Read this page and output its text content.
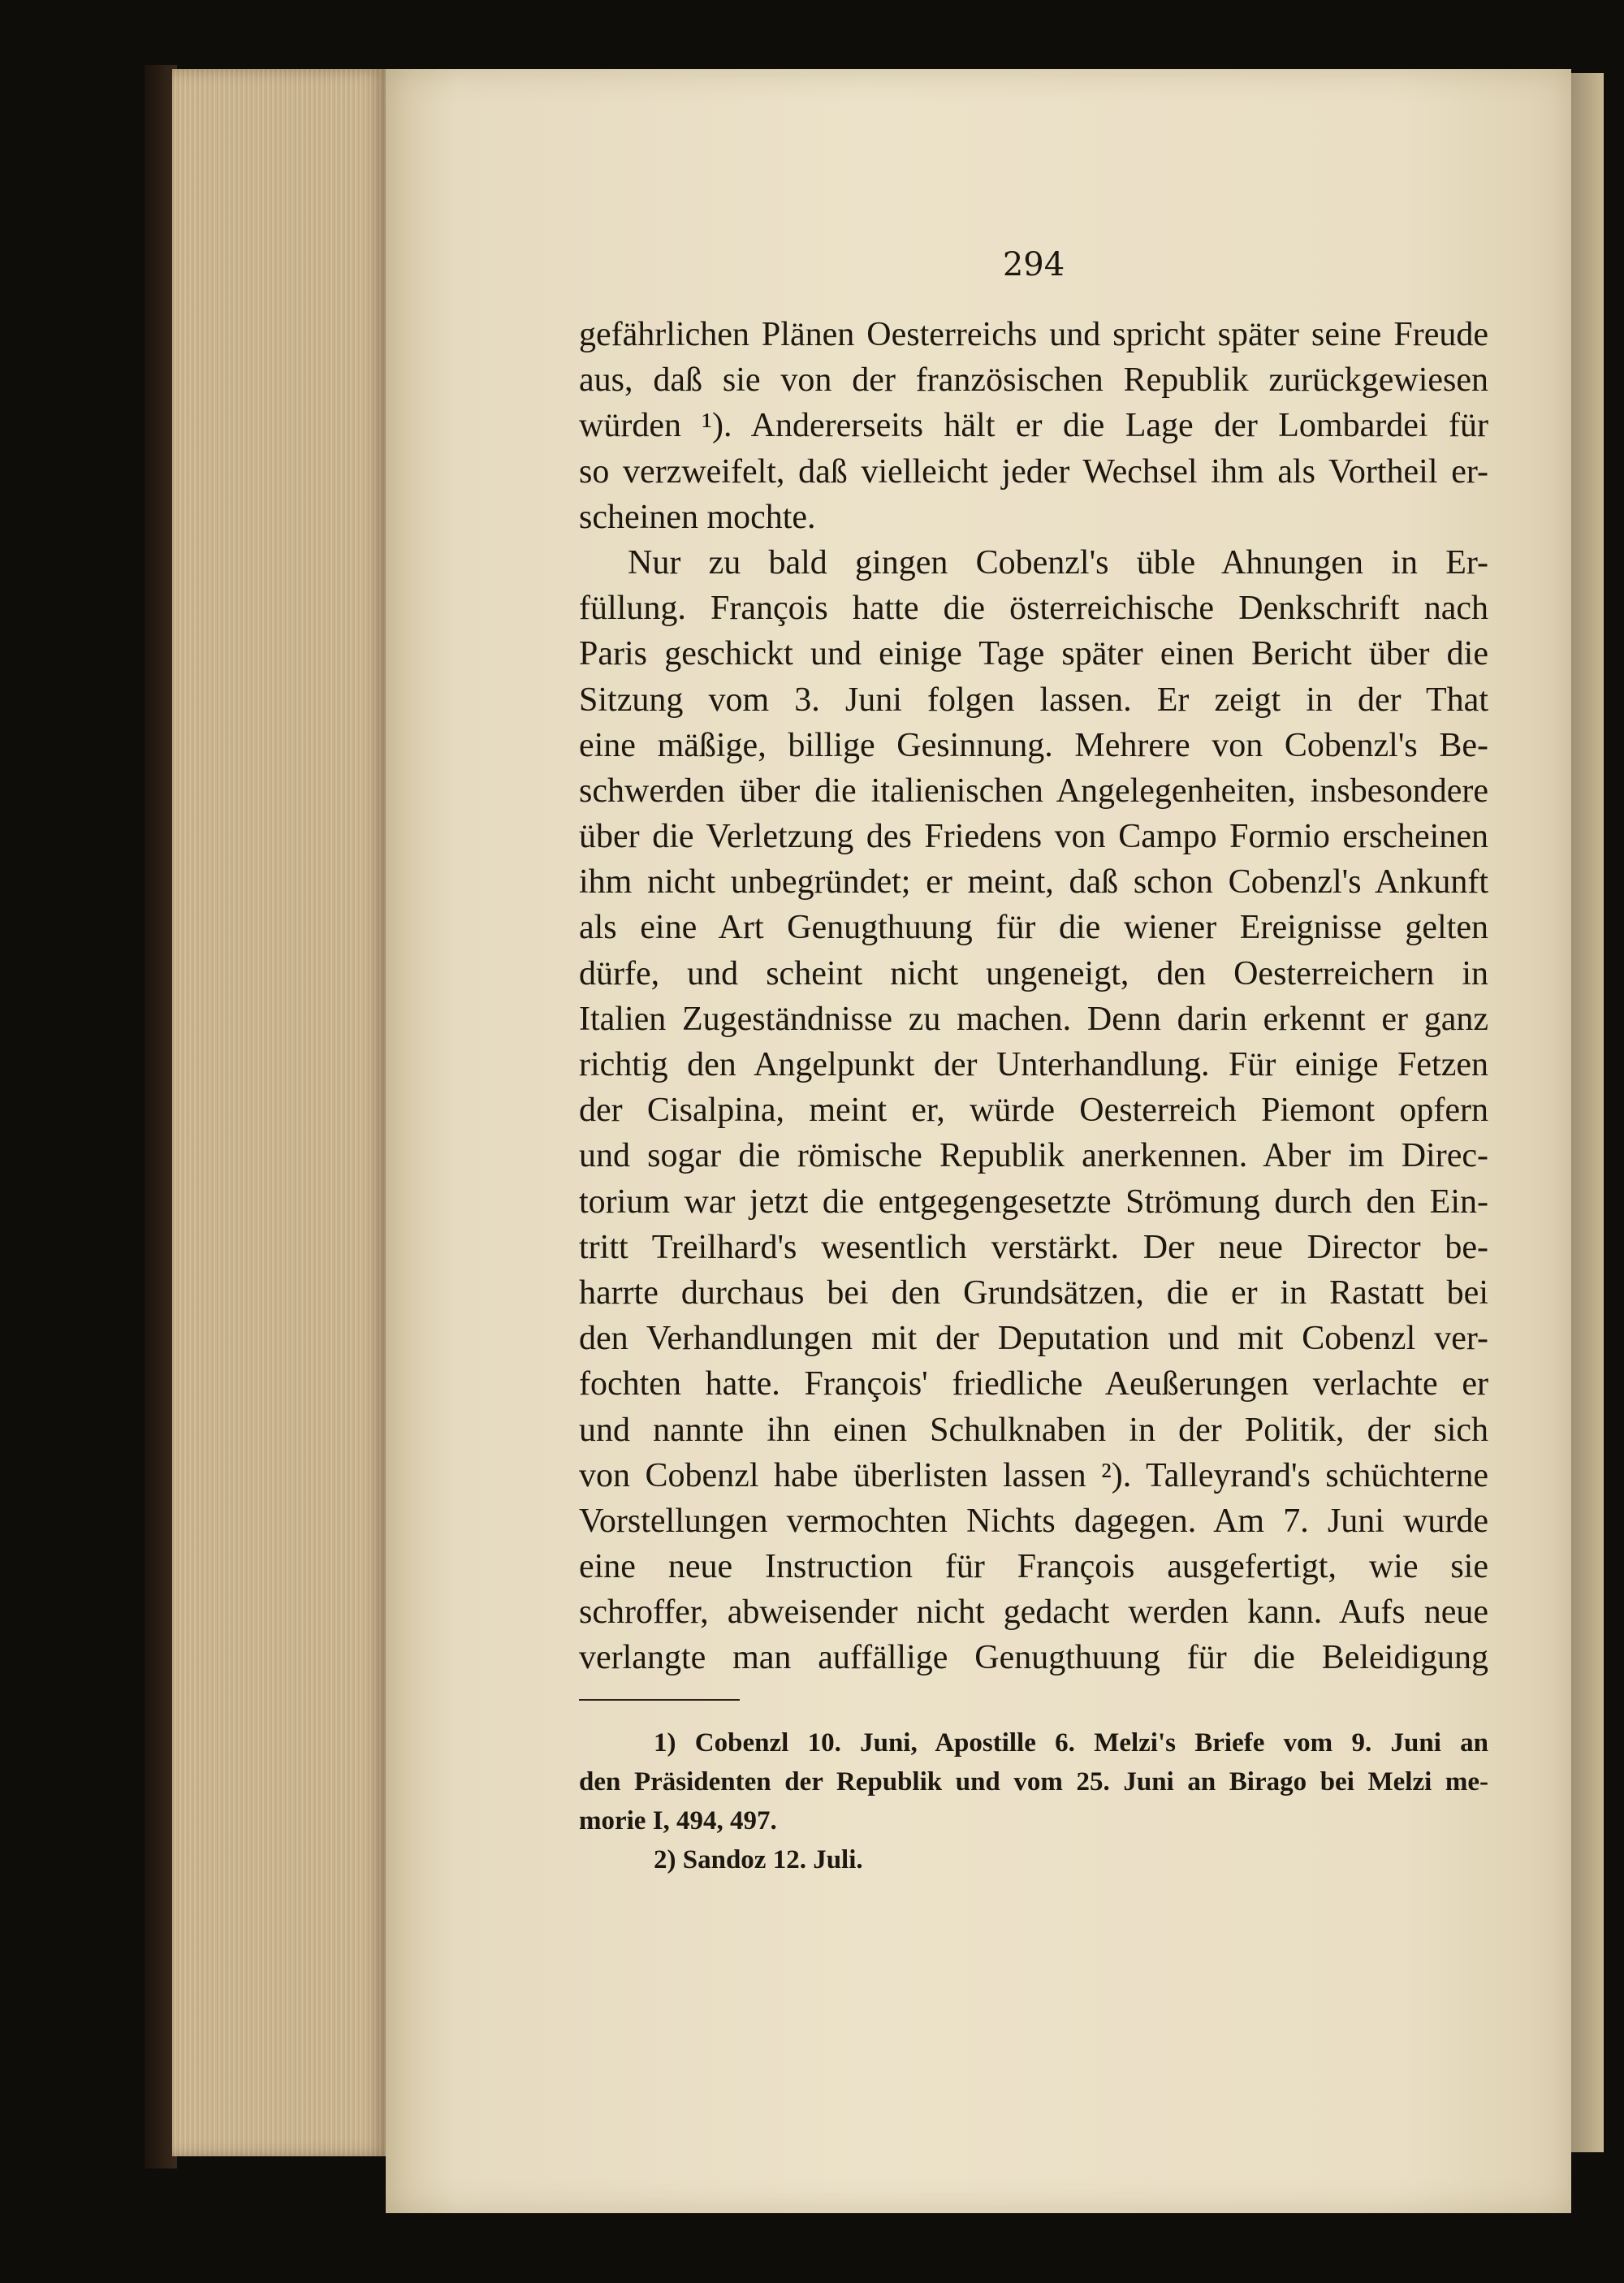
294
gefährlichen Plänen Oesterreichs und spricht später seine Freude
aus, daß sie von der französischen Republik zurückgewiesen
würden ¹). Andererseits hält er die Lage der Lombardei für
so verzweifelt, daß vielleicht jeder Wechsel ihm als Vortheil er-
scheinen mochte.
Nur zu bald gingen Cobenzl's üble Ahnungen in Er-
füllung. François hatte die österreichische Denkschrift nach
Paris geschickt und einige Tage später einen Bericht über die
Sitzung vom 3. Juni folgen lassen. Er zeigt in der That
eine mäßige, billige Gesinnung. Mehrere von Cobenzl's Be-
schwerden über die italienischen Angelegenheiten, insbesondere
über die Verletzung des Friedens von Campo Formio erscheinen
ihm nicht unbegründet; er meint, daß schon Cobenzl's Ankunft
als eine Art Genugthuung für die wiener Ereignisse gelten
dürfe, und scheint nicht ungeneigt, den Oesterreichern in
Italien Zugeständnisse zu machen. Denn darin erkennt er ganz
richtig den Angelpunkt der Unterhandlung. Für einige Fetzen
der Cisalpina, meint er, würde Oesterreich Piemont opfern
und sogar die römische Republik anerkennen. Aber im Direc-
torium war jetzt die entgegengesetzte Strömung durch den Ein-
tritt Treilhard's wesentlich verstärkt. Der neue Director be-
harrte durchaus bei den Grundsätzen, die er in Rastatt bei
den Verhandlungen mit der Deputation und mit Cobenzl ver-
fochten hatte. François' friedliche Aeußerungen verlachte er
und nannte ihn einen Schulknaben in der Politik, der sich
von Cobenzl habe überlisten lassen ²). Talleyrand's schüchterne
Vorstellungen vermochten Nichts dagegen. Am 7. Juni wurde
eine neue Instruction für François ausgefertigt, wie sie
schroffer, abweisender nicht gedacht werden kann. Aufs neue
verlangte man auffällige Genugthuung für die Beleidigung
1) Cobenzl 10. Juni, Apostille 6. Melzi's Briefe vom 9. Juni an
den Präsidenten der Republik und vom 25. Juni an Birago bei Melzi me-
morie I, 494, 497.
2) Sandoz 12. Juli.
